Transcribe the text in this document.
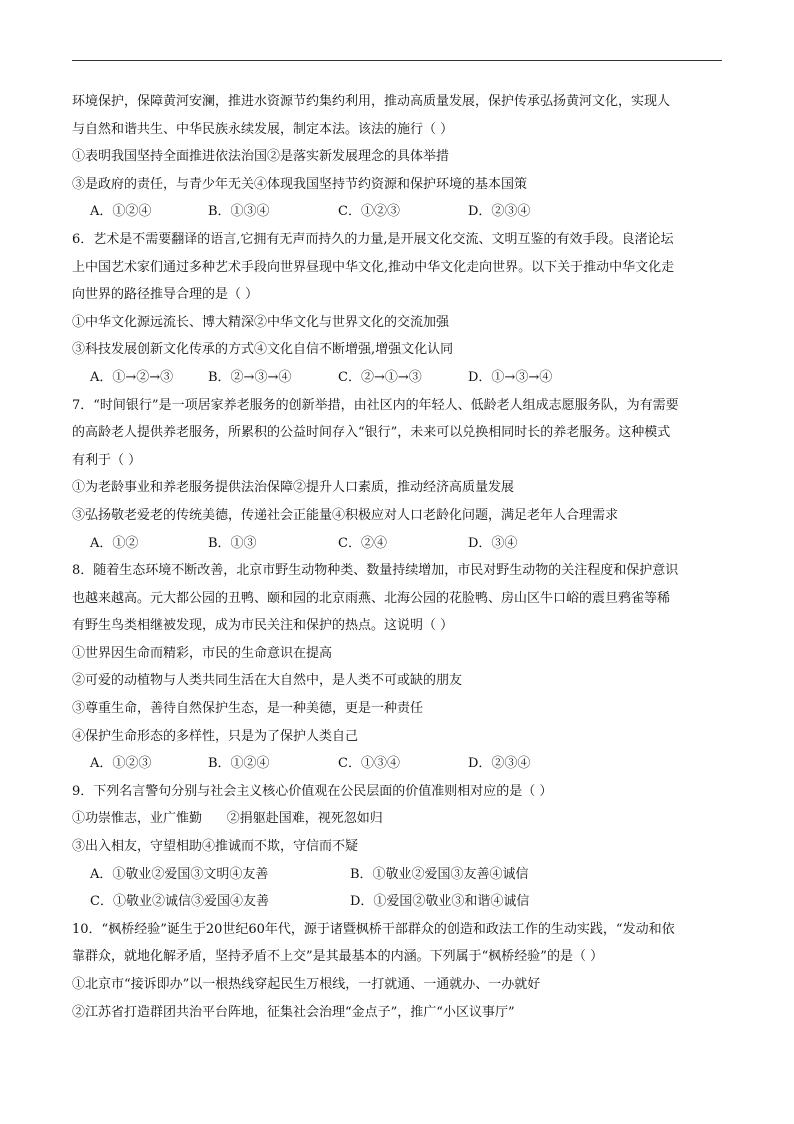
环境保护，保障黄河安澜，推进水资源节约集约利用，推动高质量发展，保护传承弘扬黄河文化，实现人
与自然和谐共生、中华民族永续发展，制定本法。该法的施行（ ）
①表明我国坚持全面推进依法治国②是落实新发展理念的具体举措
③是政府的责任，与青少年无关④体现我国坚持节约资源和保护环境的基本国策
A．①②④	B．①③④	C．①②③	D．②③④
6．艺术是不需要翻译的语言,它拥有无声而持久的力量,是开展文化交流、文明互鉴的有效手段。良渚论坛
上中国艺术家们通过多种艺术手段向世界昼现中华文化,推动中华文化走向世界。以下关于推动中华文化走
向世界的路径推导合理的是（ ）
①中华文化源远流长、博大精深②中华文化与世界文化的交流加强
③科技发展创新文化传承的方式④文化自信不断增强,增强文化认同
A．①→②→③	B．②→③→④	C．②→①→③	D．①→③→④
7．“时间银行”是一项居家养老服务的创新举措，由社区内的年轻人、低龄老人组成志愿服务队，为有需要
的高龄老人提供养老服务，所累积的公益时间存入“银行”，未来可以兑换相同时长的养老服务。这种模式
有利于（ ）
①为老龄事业和养老服务提供法治保障②提升人口素质，推动经济高质量发展
③弘扬敬老爱老的传统美德，传递社会正能量④积极应对人口老龄化问题，满足老年人合理需求
A．①②	B．①③	C．②④	D．③④
8．随着生态环境不断改善，北京市野生动物种类、数量持续增加，市民对野生动物的关注程度和保护意识
也越来越高。元大都公园的丑鸭、颐和园的北京雨燕、北海公园的花脸鸭、房山区牛口峪的震旦鸦雀等稀
有野生鸟类相继被发现，成为市民关注和保护的热点。这说明（ ）
①世界因生命而精彩，市民的生命意识在提高
②可爱的动植物与人类共同生活在大自然中，是人类不可或缺的朋友
③尊重生命，善待自然保护生态，是一种美德，更是一种责任
④保护生命形态的多样性，只是为了保护人类自己
A．①②③	B．①②④	C．①③④	D．②③④
9．下列名言警句分别与社会主义核心价值观在公民层面的价值准则相对应的是（ ）
①功崇惟志，业广惟勤      ②捐躯赴国难，视死忽如归
③出入相友，守望相助④推诚而不欺，守信而不疑
A．①敬业②爱国③文明④友善	B．①敬业②爱国③友善④诚信
C．①敬业②诚信③爱国④友善	D．①爱国②敬业③和谐④诚信
10．“枫桥经验”诞生于20世纪60年代，源于诸暨枫桥干部群众的创造和政法工作的生动实践，“发动和依
靠群众，就地化解矛盾，坚持矛盾不上交”是其最基本的内涵。下列属于“枫桥经验”的是（ ）
①北京市“接诉即办”以一根热线穿起民生万根线，一打就通、一通就办、一办就好
②江苏省打造群团共治平台阵地，征集社会治理“金点子”，推广“小区议事厅”
